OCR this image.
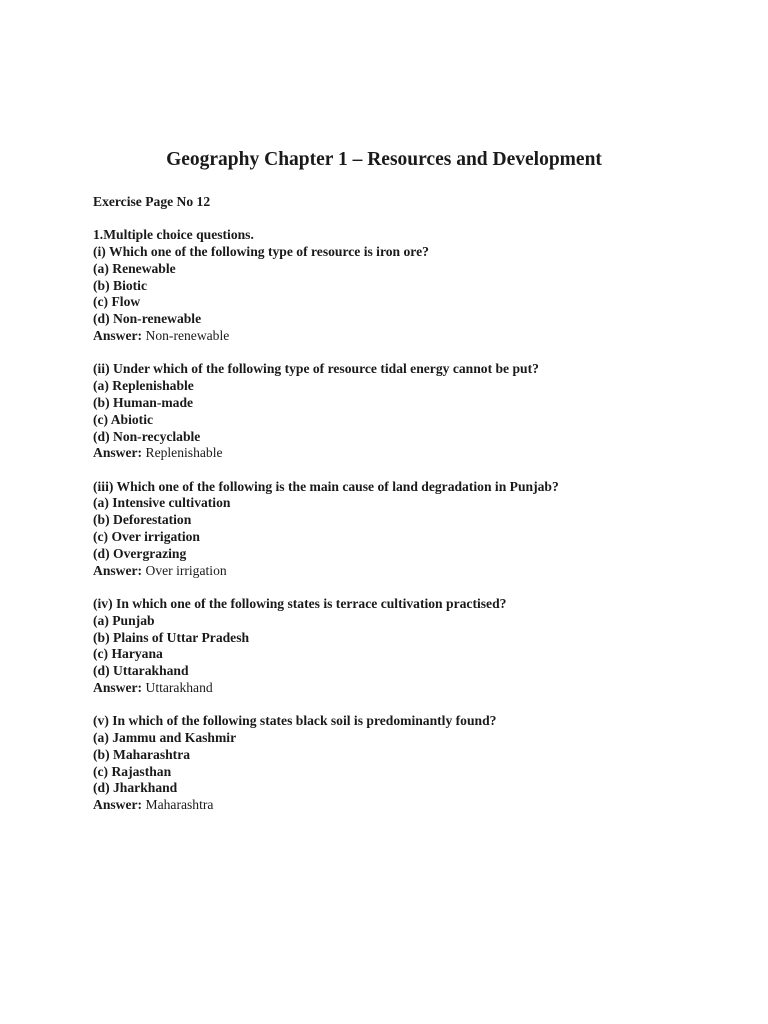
Geography Chapter 1 – Resources and Development
Exercise Page No 12
1.Multiple choice questions.
(i) Which one of the following type of resource is iron ore?
(a) Renewable
(b) Biotic
(c) Flow
(d) Non-renewable
Answer: Non-renewable
(ii) Under which of the following type of resource tidal energy cannot be put?
(a) Replenishable
(b) Human-made
(c) Abiotic
(d) Non-recyclable
Answer: Replenishable
(iii) Which one of the following is the main cause of land degradation in Punjab?
(a) Intensive cultivation
(b) Deforestation
(c) Over irrigation
(d) Overgrazing
Answer: Over irrigation
(iv) In which one of the following states is terrace cultivation practised?
(a) Punjab
(b) Plains of Uttar Pradesh
(c) Haryana
(d) Uttarakhand
Answer: Uttarakhand
(v) In which of the following states black soil is predominantly found?
(a) Jammu and Kashmir
(b) Maharashtra
(c) Rajasthan
(d) Jharkhand
Answer: Maharashtra
